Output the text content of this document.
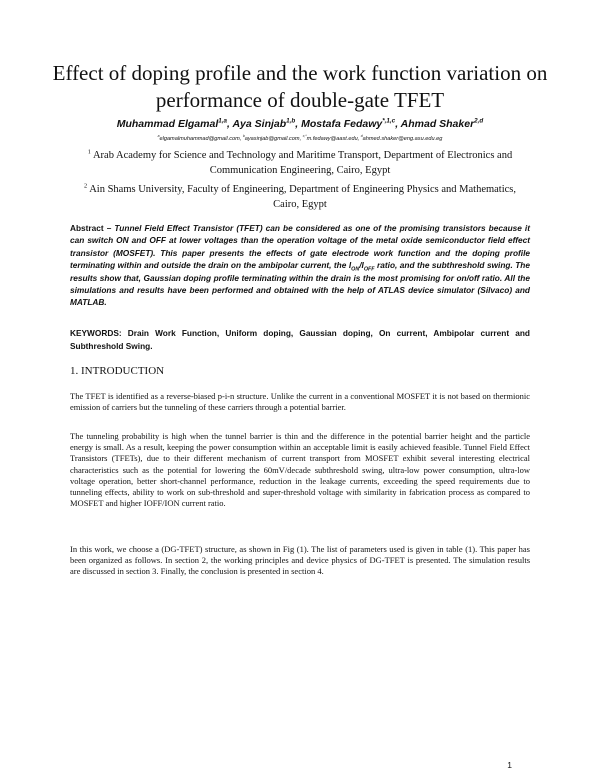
Effect of doping profile and the work function variation on performance of double-gate TFET
Muhammad Elgamal$^{1,a}$, Aya Sinjab$^{1,b}$, Mostafa Fedawy$^{*,1,c}$, Ahmad Shaker$^{2,d}$
$^a$elgamalmuhammad@gmail.com, $^b$ayasinjab@gmail.com, $^{c,*}$m.fedawy@aast.edu, $^d$ahmed.shaker@eng.asu.edu.eg
$^1$ Arab Academy for Science and Technology and Maritime Transport, Department of Electronics and Communication Engineering, Cairo, Egypt
$^2$ Ain Shams University, Faculty of Engineering, Department of Engineering Physics and Mathematics, Cairo, Egypt
Abstract – Tunnel Field Effect Transistor (TFET) can be considered as one of the promising transistors because it can switch ON and OFF at lower voltages than the operation voltage of the metal oxide semiconductor field effect transistor (MOSFET). This paper presents the effects of gate electrode work function and the doping profile terminating within and outside the drain on the ambipolar current, the $I_{ON}/I_{OFF}$ ratio, and the subthreshold swing. The results show that, Gaussian doping profile terminating within the drain is the most promising for on/off ratio. All the simulations and results have been performed and obtained with the help of ATLAS device simulator (Silvaco) and MATLAB.
KEYWORDS: Drain Work Function, Uniform doping, Gaussian doping, On current, Ambipolar current and Subthreshold Swing.
1. INTRODUCTION

The TFET is identified as a reverse-biased p-i-n structure. Unlike the current in a conventional MOSFET it is not based on thermionic emission of carriers but the tunneling of these carriers through a potential barrier.

The tunneling probability is high when the tunnel barrier is thin and the difference in the potential barrier height and the particle energy is small. As a result, keeping the power consumption within an acceptable limit is easily achieved feasible. Tunnel Field Effect Transistors (TFETs), due to their different mechanism of current transport from MOSFET exhibit several interesting electrical characteristics such as the potential for lowering the 60mV/decade subthreshold swing, ultra-low power consumption, ultra-low voltage operation, better short-channel performance, reduction in the leakage currents, exceeding the speed requirements due to tunneling effects, ability to work on sub-threshold and super-threshold voltage with similarity in fabrication process as compared to MOSFET and higher IOFF/ION current ratio.

In this work, we choose a (DG-TFET) structure, as shown in Fig (1). The list of parameters used is given in table (1). This paper has been organized as follows. In section 2, the working principles and device physics of DG-TFET is presented. The simulation results are discussed in section 3. Finally, the conclusion is presented in section 4.

1
